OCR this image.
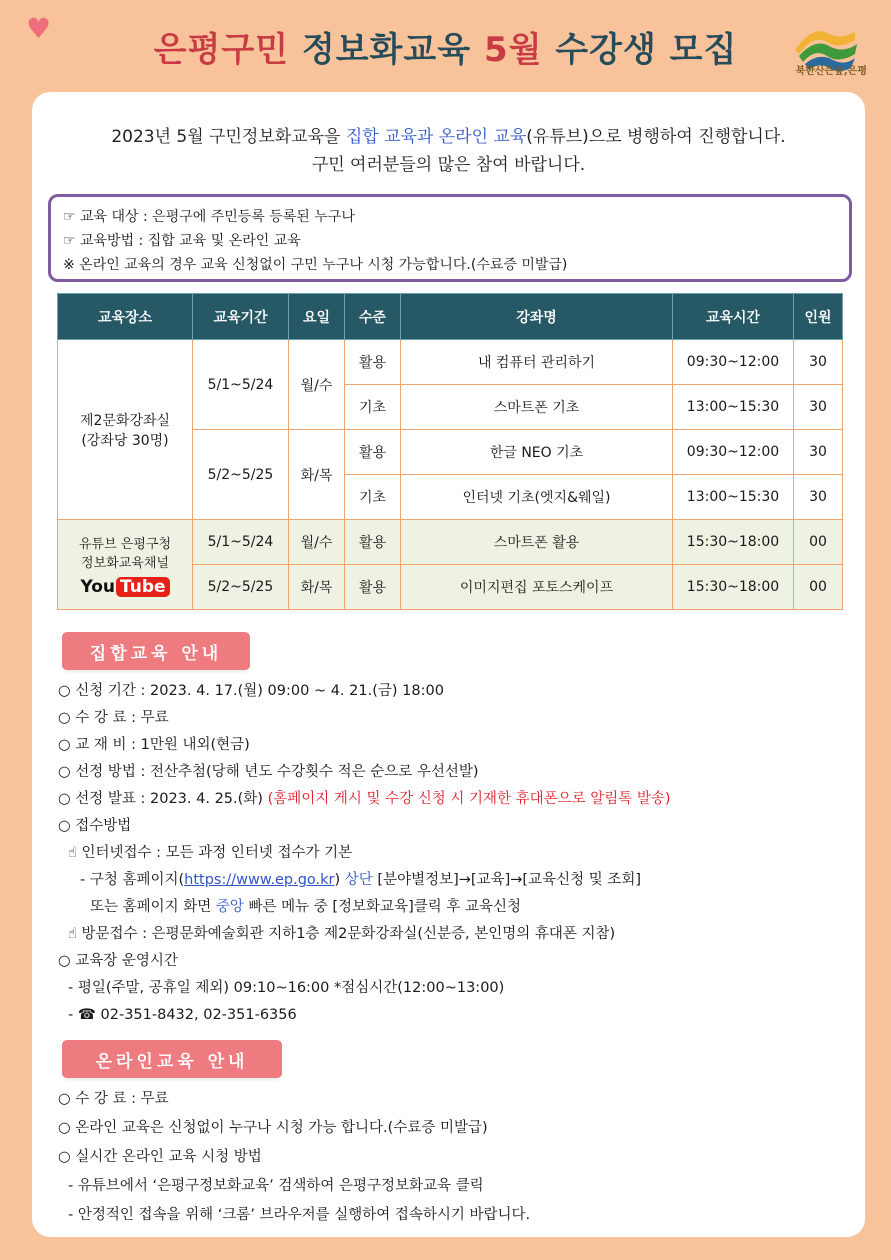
♥
은평구민 정보화교육 5월 수강생 모집
북한산큰숲,은평
2023년 5월 구민정보화교육을 집합 교육과 온라인 교육(유튜브)으로 병행하여 진행합니다.
구민 여러분들의 많은 참여 바랍니다.
☞ 교육 대상 : 은평구에 주민등록 등록된 누구나
☞ 교육방법 : 집합 교육 및 온라인 교육
※ 온라인 교육의 경우 교육 신청없이 구민 누구나 시청 가능합니다.(수료증 미발급)
교육장소	교육기간	요일	수준	강좌명	교육시간	인원

제2문화강좌실
(강좌당 30명)	5/1~5/24	월/수	활용	내 컴퓨터 관리하기	09:30~12:00	30
			기초	스마트폰 기초	13:00~15:30	30
	5/2~5/25	화/목	활용	한글 NEO 기초	09:30~12:00	30
			기초	인터넷 기초(엣지&웨일)	13:00~15:30	30

유튜브 은평구청
정보화교육채널
You Tube	5/1~5/24	월/수	활용	스마트폰 활용	15:30~18:00	00
	5/2~5/25	화/목	활용	이미지편집 포토스케이프	15:30~18:00	00
집합교육 안내
○ 신청 기간 : 2023. 4. 17.(월) 09:00 ~ 4. 21.(금) 18:00
○ 수 강 료 : 무료
○ 교 재 비 : 1만원 내외(현금)
○ 선정 방법 : 전산추첨(당해 년도 수강횟수 적은 순으로 우선선발)
○ 선정 발표 : 2023. 4. 25.(화) (홈페이지 게시 및 수강 신청 시 기재한 휴대폰으로 알림톡 발송)
○ 접수방법
☝ 인터넷접수 : 모든 과정 인터넷 접수가 기본
- 구청 홈페이지(https://www.ep.go.kr) 상단 [분야별정보]→[교육]→[교육신청 및 조회]
또는 홈페이지 화면 중앙 빠른 메뉴 중 [정보화교육]클릭 후 교육신청
☝ 방문접수 : 은평문화예술회관 지하1층 제2문화강좌실(신분증, 본인명의 휴대폰 지참)
○ 교육장 운영시간
- 평일(주말, 공휴일 제외) 09:10~16:00 *점심시간(12:00~13:00)
- ☎ 02-351-8432, 02-351-6356
온라인교육 안내
○ 수 강 료 : 무료
○ 온라인 교육은 신청없이 누구나 시청 가능 합니다.(수료증 미발급)
○ 실시간 온라인 교육 시청 방법
- 유튜브에서 ‘은평구정보화교육’ 검색하여 은평구정보화교육 클릭
- 안정적인 접속을 위해 ‘크롬’ 브라우저를 실행하여 접속하시기 바랍니다.
